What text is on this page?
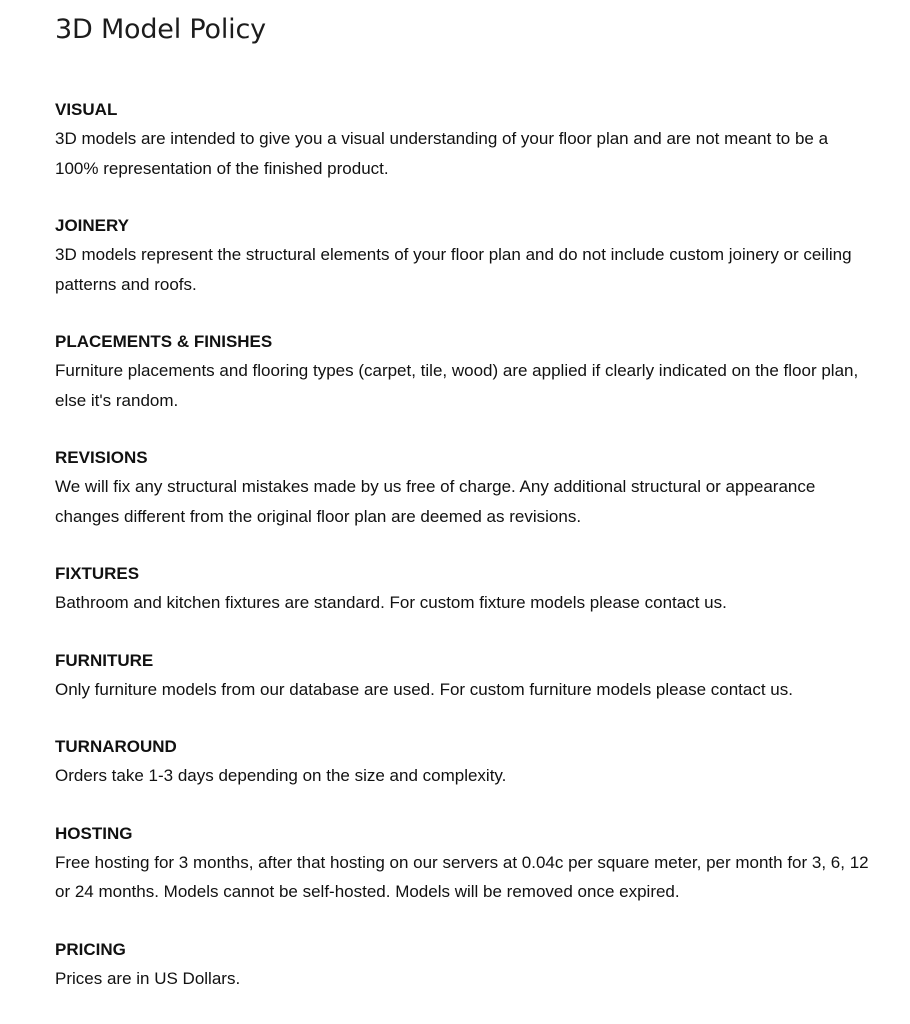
3D Model Policy
VISUAL

3D models are intended to give you a visual understanding of your floor plan and are not meant to be a 100% representation of the finished product.

JOINERY

3D models represent the structural elements of your floor plan and do not include custom joinery or ceiling patterns and roofs.

PLACEMENTS & FINISHES

Furniture placements and flooring types (carpet, tile, wood) are applied if clearly indicated on the floor plan, else it's random.

REVISIONS

We will fix any structural mistakes made by us free of charge. Any additional structural or appearance changes different from the original floor plan are deemed as revisions.

FIXTURES

Bathroom and kitchen fixtures are standard. For custom fixture models please contact us.

FURNITURE

Only furniture models from our database are used. For custom furniture models please contact us.

TURNAROUND

Orders take 1-3 days depending on the size and complexity.

HOSTING

Free hosting for 3 months, after that hosting on our servers at 0.04c per square meter, per month for 3, 6, 12 or 24 months. Models cannot be self-hosted. Models will be removed once expired.

PRICING

Prices are in US Dollars.
